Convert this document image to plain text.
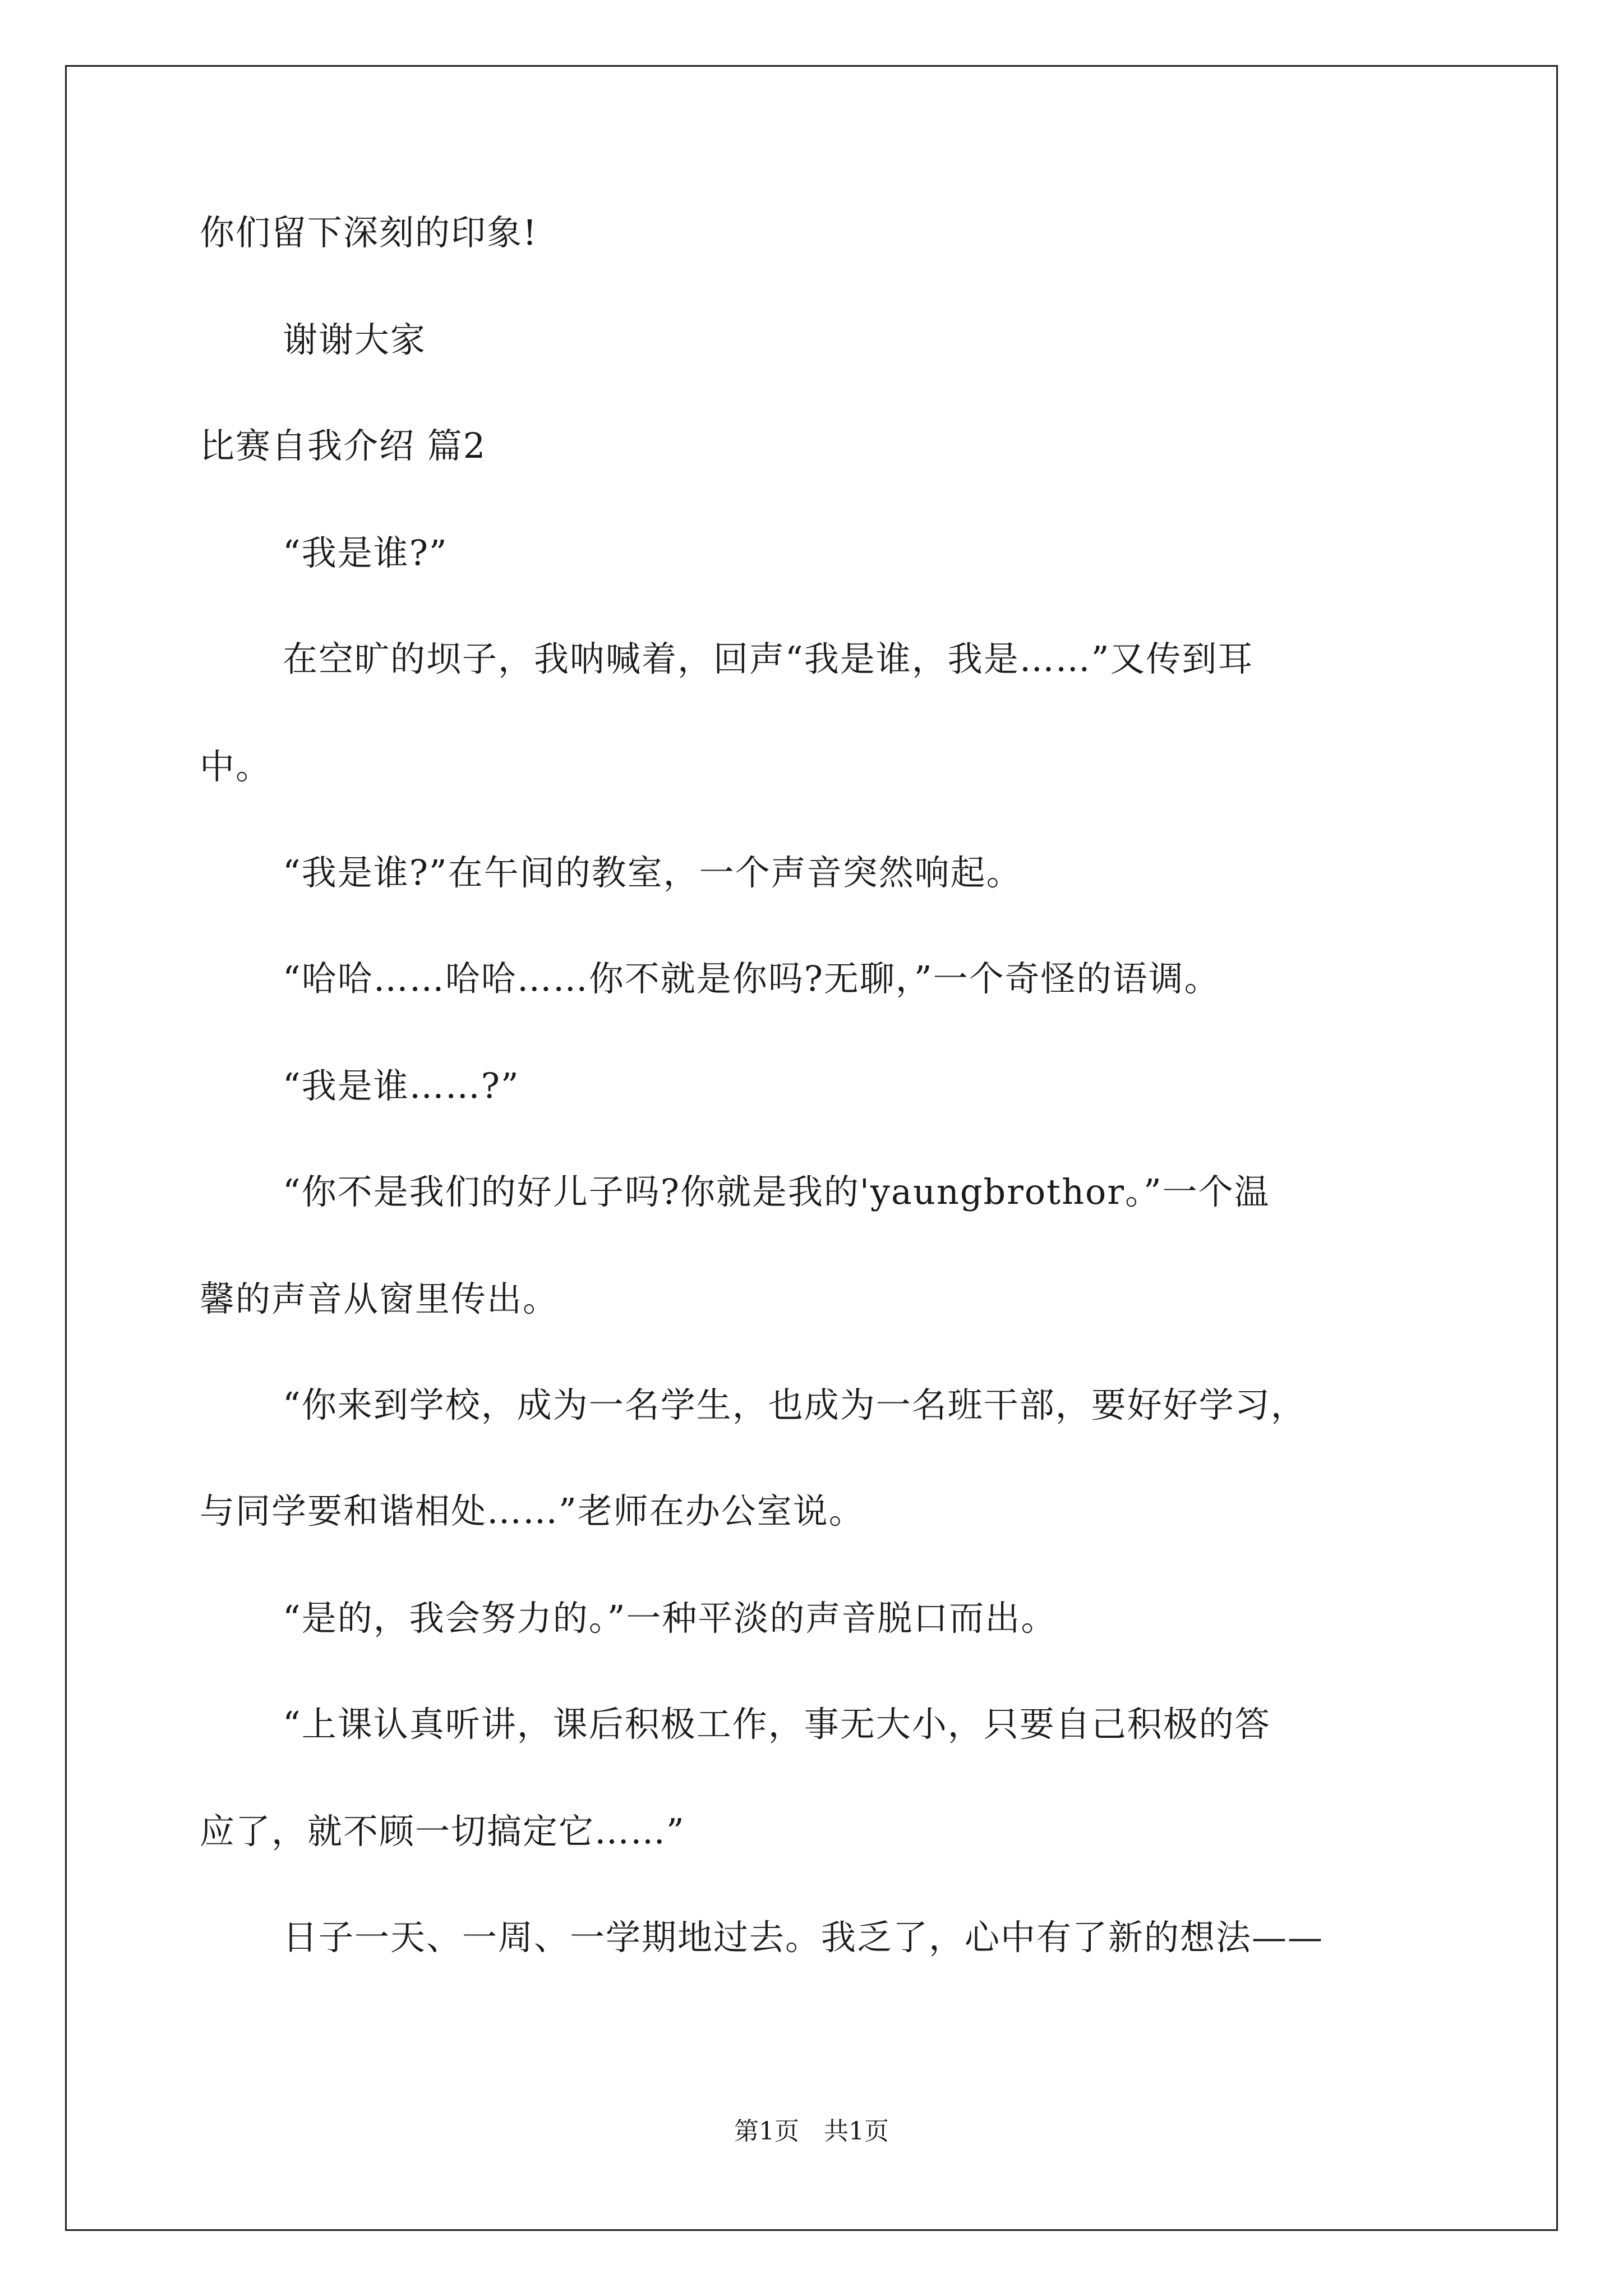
你们留下深刻的印象!
谢谢大家
比赛自我介绍 篇2
“我是谁?”
在空旷的坝子，我呐喊着，回声“我是谁，我是……”又传到耳
中。
“我是谁?”在午间的教室，一个声音突然响起。
“哈哈……哈哈……你不就是你吗?无聊，”一个奇怪的语调。
“我是谁……?”
“你不是我们的好儿子吗?你就是我的'yaungbrothor。”一个温
馨的声音从窗里传出。
“你来到学校，成为一名学生，也成为一名班干部，要好好学习，
与同学要和谐相处……”老师在办公室说。
“是的，我会努力的。”一种平淡的声音脱口而出。
“上课认真听讲，课后积极工作，事无大小，只要自己积极的答
应了，就不顾一切搞定它……”
日子一天、一周、一学期地过去。我乏了，心中有了新的想法——
第1页　共1页
